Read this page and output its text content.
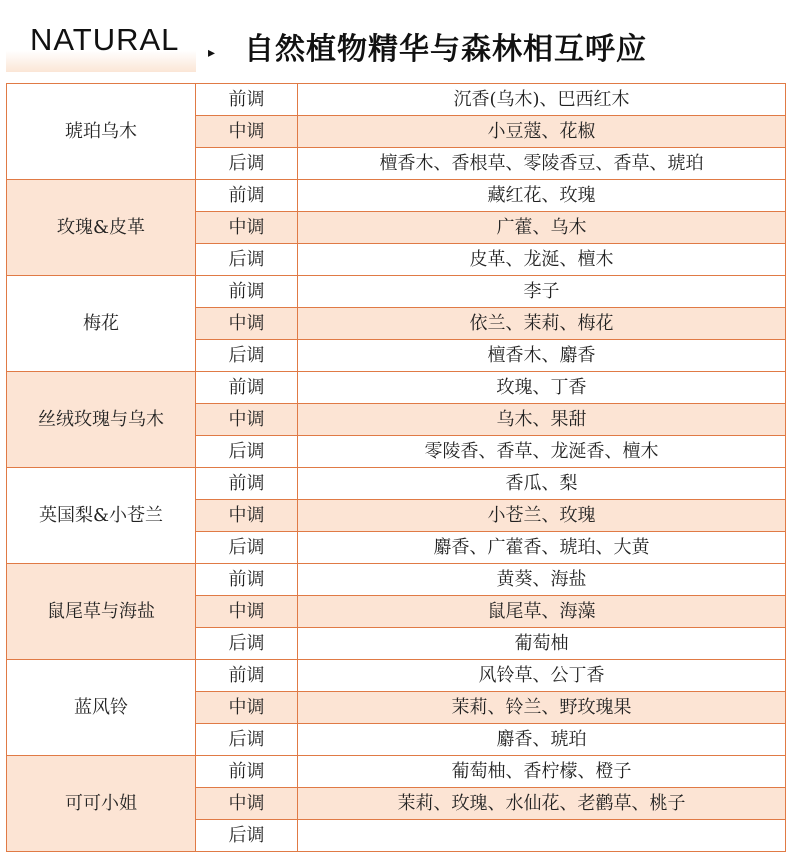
NATURAL ▸ 自然植物精华与森林相互呼应
琥珀乌木	前调	沉香(乌木)、巴西红木
	中调	小豆蔻、花椒
	后调	檀香木、香根草、零陵香豆、香草、琥珀
玫瑰&皮革	前调	藏红花、玫瑰
	中调	广藿、乌木
	后调	皮革、龙涎、檀木
梅花	前调	李子
	中调	依兰、茉莉、梅花
	后调	檀香木、麝香
丝绒玫瑰与乌木	前调	玫瑰、丁香
	中调	乌木、果甜
	后调	零陵香、香草、龙涎香、檀木
英国梨&小苍兰	前调	香瓜、梨
	中调	小苍兰、玫瑰
	后调	麝香、广藿香、琥珀、大黄
鼠尾草与海盐	前调	黄葵、海盐
	中调	鼠尾草、海藻
	后调	葡萄柚
蓝风铃	前调	风铃草、公丁香
	中调	茉莉、铃兰、野玫瑰果
	后调	麝香、琥珀
可可小姐	前调	葡萄柚、香柠檬、橙子
	中调	茉莉、玫瑰、水仙花、老鹳草、桃子
	后调	
